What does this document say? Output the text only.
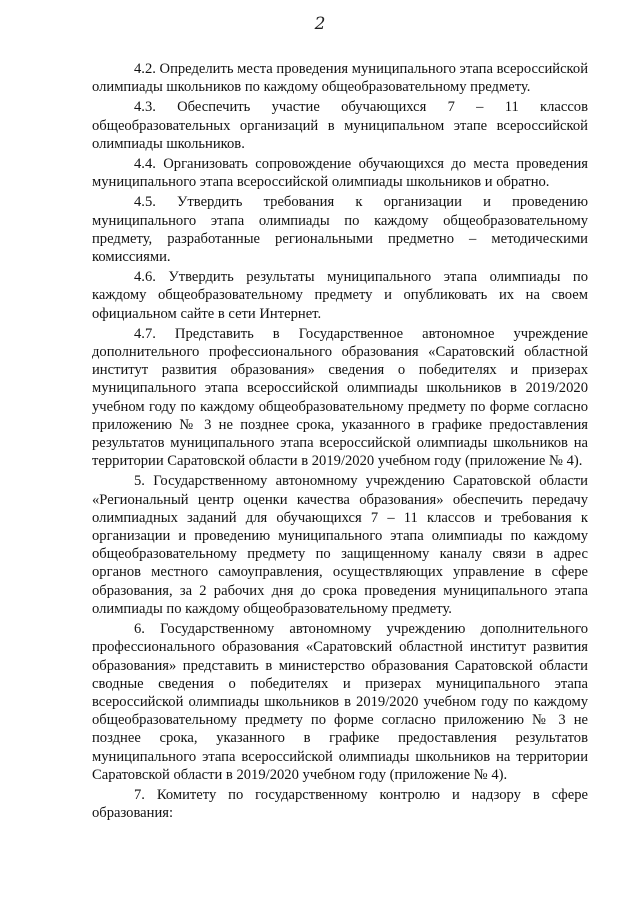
2

4.2. Определить места проведения муниципального этапа всероссийской олимпиады школьников по каждому общеобразовательному предмету.

4.3. Обеспечить участие обучающихся 7 – 11 классов общеобразовательных организаций в муниципальном этапе всероссийской олимпиады школьников.

4.4. Организовать сопровождение обучающихся до места проведения муниципального этапа всероссийской олимпиады школьников и обратно.

4.5. Утвердить требования к организации и проведению муниципального этапа олимпиады по каждому общеобразовательному предмету, разработанные региональными предметно – методическими комиссиями.

4.6. Утвердить результаты муниципального этапа олимпиады по каждому общеобразовательному предмету и опубликовать их на своем официальном сайте в сети Интернет.

4.7. Представить в Государственное автономное учреждение дополнительного профессионального образования «Саратовский областной институт развития образования» сведения о победителях и призерах муниципального этапа всероссийской олимпиады школьников в 2019/2020 учебном году по каждому общеобразовательному предмету по форме согласно приложению № 3 не позднее срока, указанного в графике предоставления результатов муниципального этапа всероссийской олимпиады школьников на территории Саратовской области в 2019/2020 учебном году (приложение № 4).

5. Государственному автономному учреждению Саратовской области «Региональный центр оценки качества образования» обеспечить передачу олимпиадных заданий для обучающихся 7 – 11 классов и требования к организации и проведению муниципального этапа олимпиады по каждому общеобразовательному предмету по защищенному каналу связи в адрес органов местного самоуправления, осуществляющих управление в сфере образования, за 2 рабочих дня до срока проведения муниципального этапа олимпиады по каждому общеобразовательному предмету.

6. Государственному автономному учреждению дополнительного профессионального образования «Саратовский областной институт развития образования» представить в министерство образования Саратовской области сводные сведения о победителях и призерах муниципального этапа всероссийской олимпиады школьников в 2019/2020 учебном году по каждому общеобразовательному предмету по форме согласно приложению № 3 не позднее срока, указанного в графике предоставления результатов муниципального этапа всероссийской олимпиады школьников на территории Саратовской области в 2019/2020 учебном году (приложение № 4).

7. Комитету по государственному контролю и надзору в сфере образования:
